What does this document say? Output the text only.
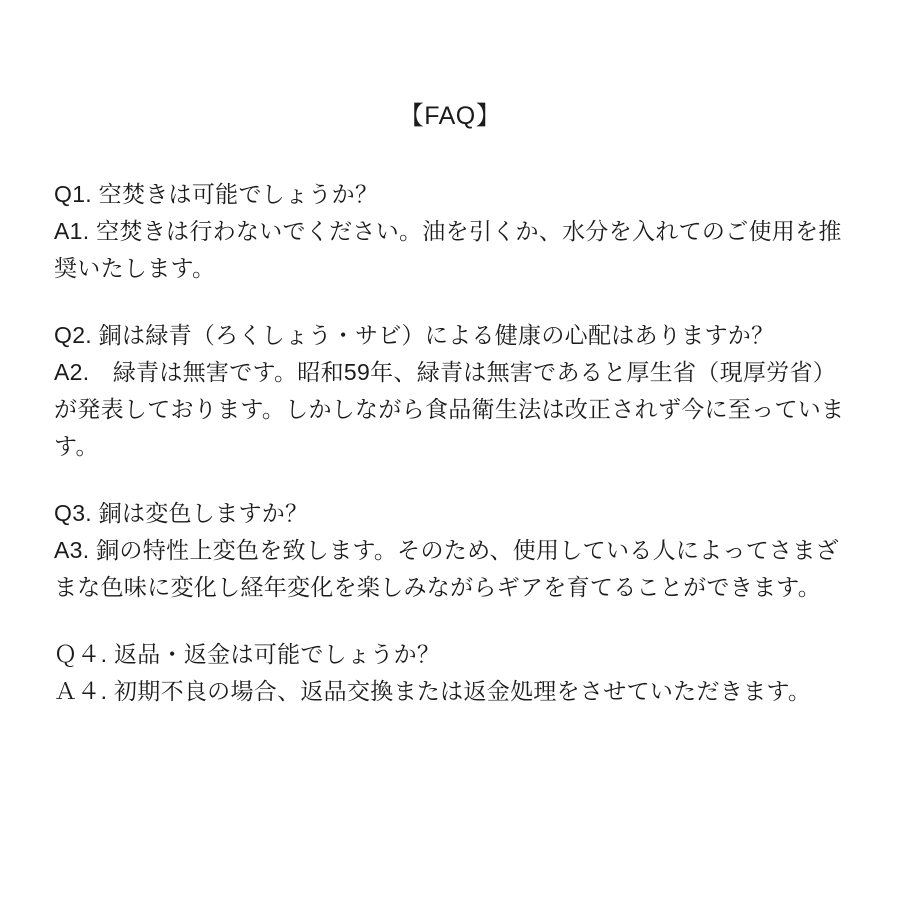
【FAQ】

Q1. 空焚きは可能でしょうか？

A1. 空焚きは行わないでください。油を引くか、水分を入れてのご使用を推奨いたします。

Q2. 銅は緑青（ろくしょう・サビ）による健康の心配はありますか？

A2.　緑青は無害です。昭和59年、緑青は無害であると厚生省（現厚労省）が発表しております。しかしながら食品衛生法は改正されず今に至っています。

Q3. 銅は変色しますか？

A3. 銅の特性上変色を致します。そのため、使用している人によってさまざまな色味に変化し経年変化を楽しみながらギアを育てることができます。

Ｑ４. 返品・返金は可能でしょうか？

Ａ４. 初期不良の場合、返品交換または返金処理をさせていただきます。
